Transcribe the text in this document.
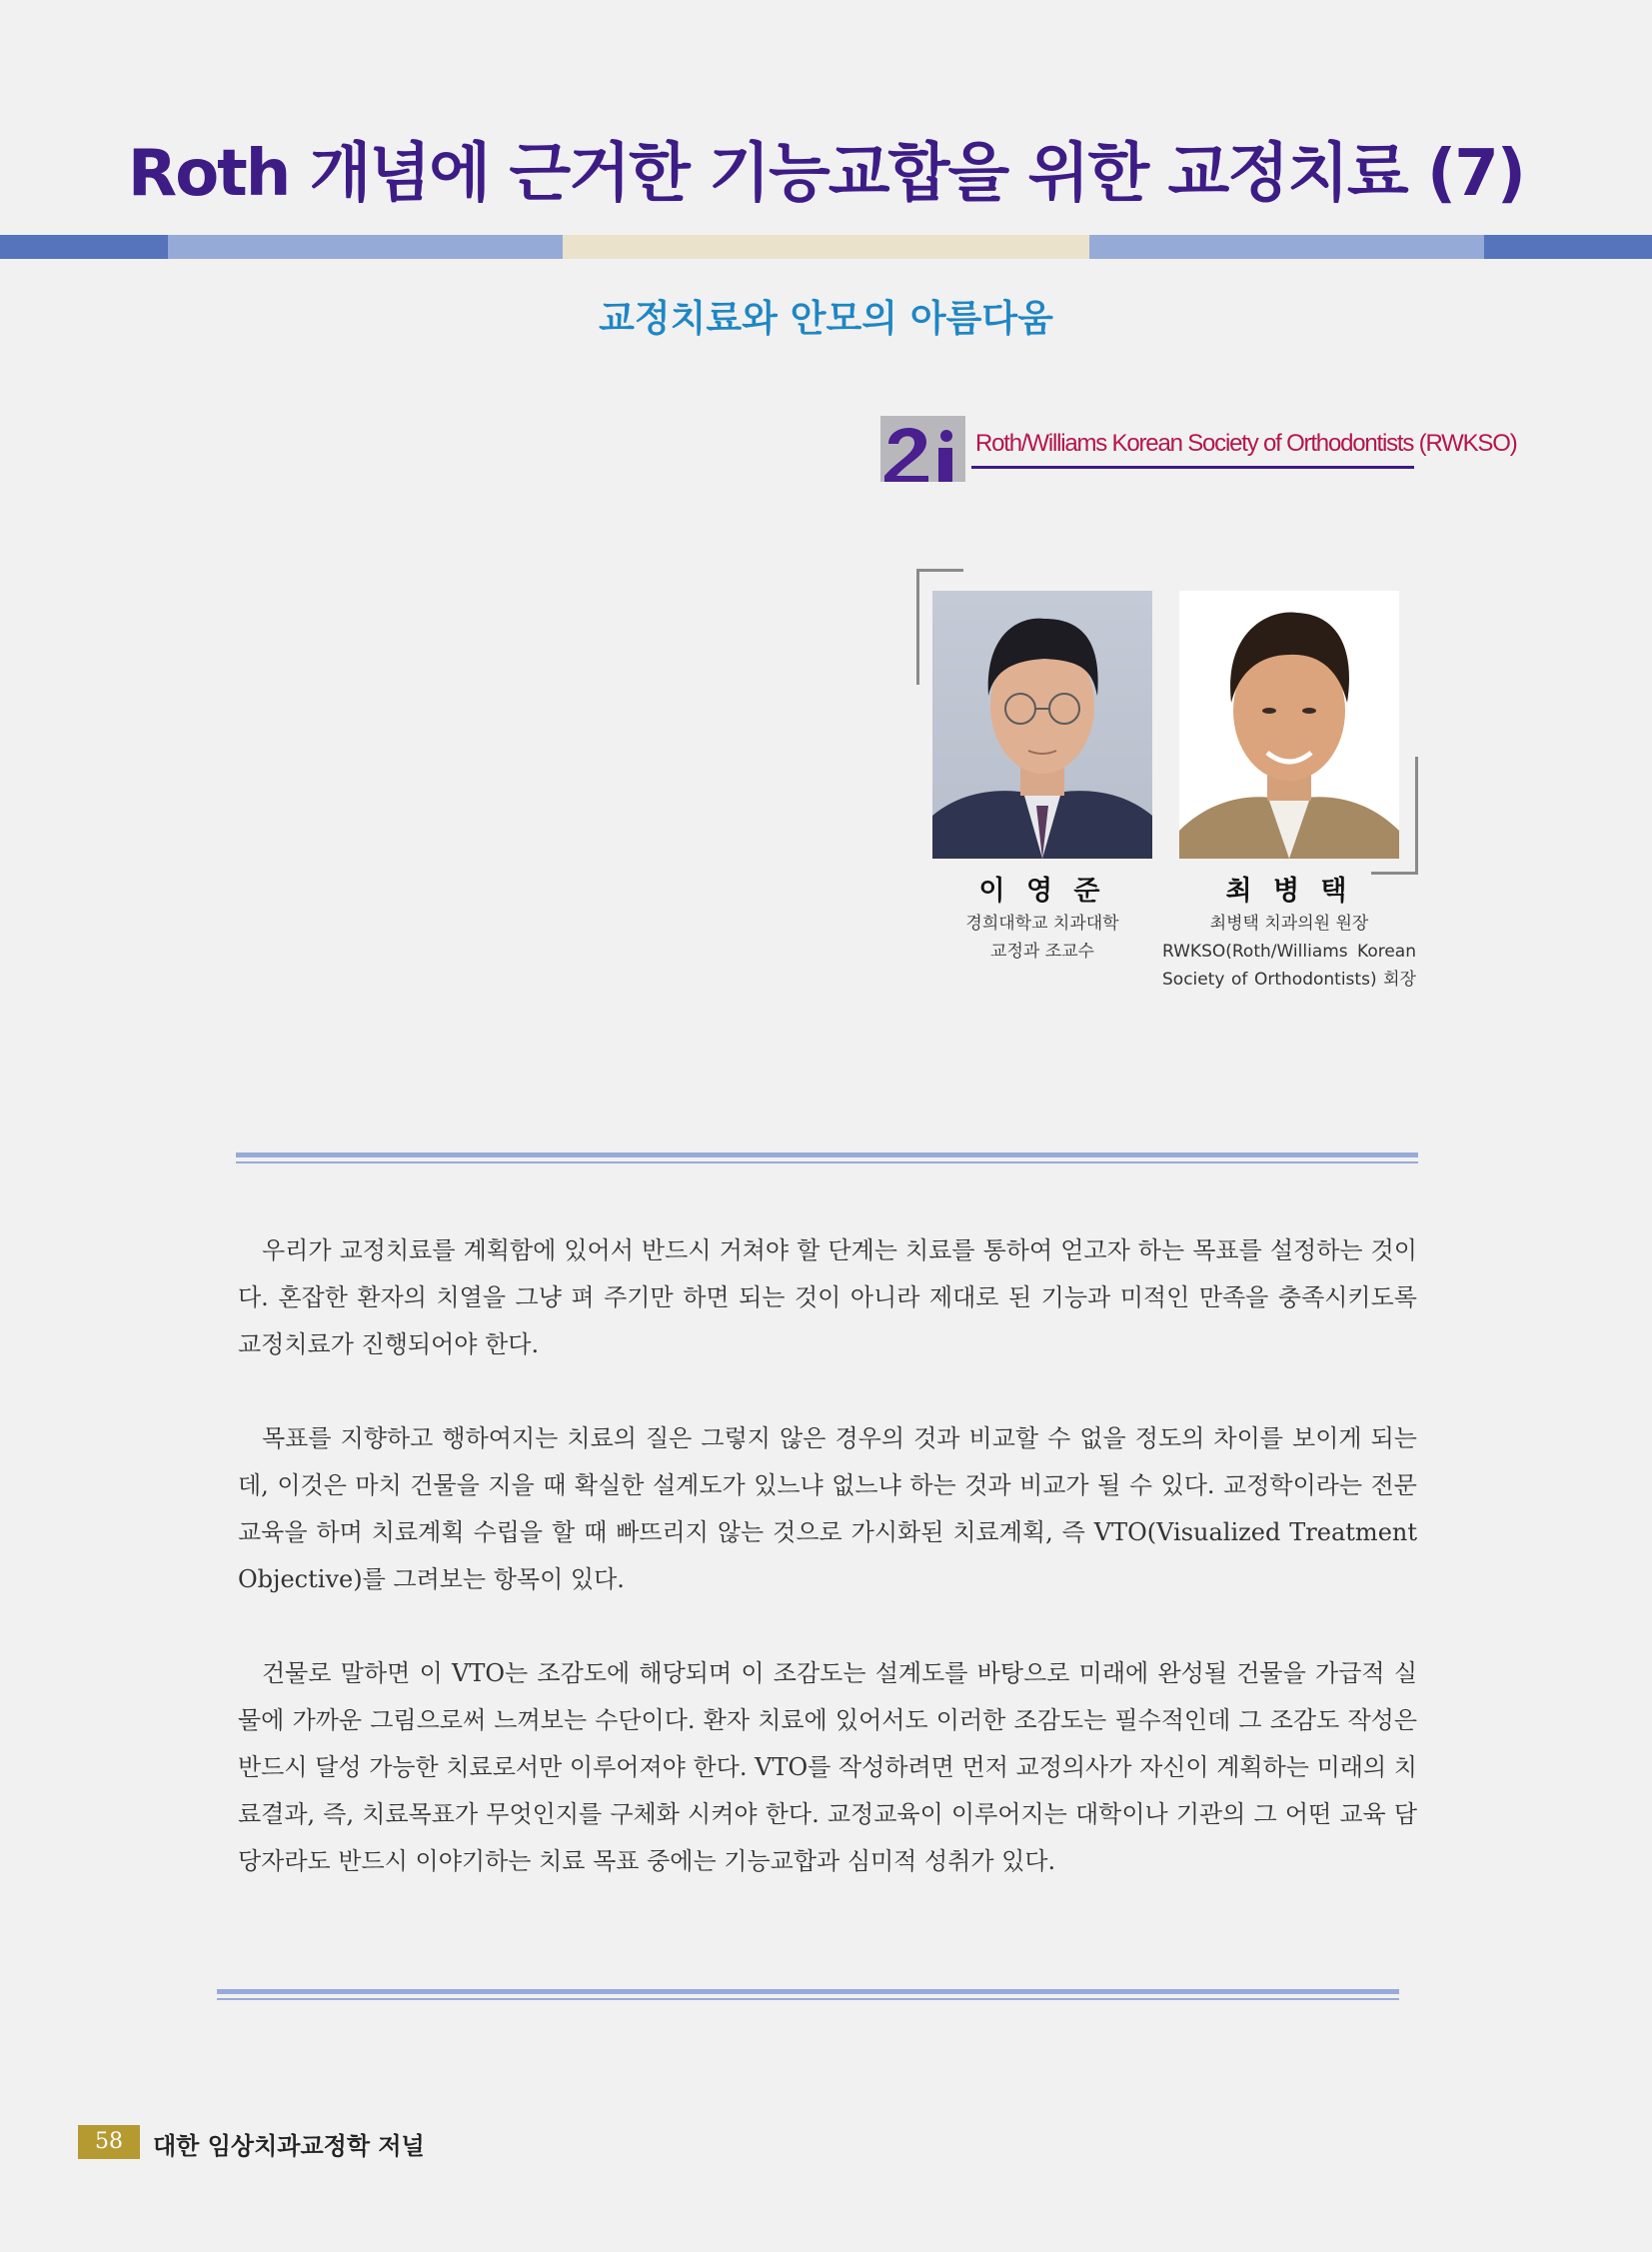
Roth 개념에 근거한 기능교합을 위한 교정치료 (7)
교정치료와 안모의 아름다움
Roth/Williams Korean Society of Orthodontists (RWKSO)
이 영 준	최 병 택
경희대학교 치과대학
교정과 조교수
최병택 치과의원 원장
RWKSO(Roth/Williams Korean
Society of Orthodontists) 회장

우리가 교정치료를 계획함에 있어서 반드시 거쳐야 할 단계는 치료를 통하여 얻고자 하는 목표를 설정하는 것이다. 혼잡한 환자의 치열을 그냥 펴 주기만 하면 되는 것이 아니라 제대로 된 기능과 미적인 만족을 충족시키도록 교정치료가 진행되어야 한다.

목표를 지향하고 행하여지는 치료의 질은 그렇지 않은 경우의 것과 비교할 수 없을 정도의 차이를 보이게 되는데, 이것은 마치 건물을 지을 때 확실한 설계도가 있느냐 없느냐 하는 것과 비교가 될 수 있다. 교정학이라는 전문교육을 하며 치료계획 수립을 할 때 빠뜨리지 않는 것으로 가시화된 치료계획, 즉 VTO(Visualized Treatment Objective)를 그려보는 항목이 있다.

건물로 말하면 이 VTO는 조감도에 해당되며 이 조감도는 설계도를 바탕으로 미래에 완성될 건물을 가급적 실물에 가까운 그림으로써 느껴보는 수단이다. 환자 치료에 있어서도 이러한 조감도는 필수적인데 그 조감도 작성은 반드시 달성 가능한 치료로서만 이루어져야 한다. VTO를 작성하려면 먼저 교정의사가 자신이 계획하는 미래의 치료결과, 즉, 치료목표가 무엇인지를 구체화 시켜야 한다. 교정교육이 이루어지는 대학이나 기관의 그 어떤 교육 담당자라도 반드시 이야기하는 치료 목표 중에는 기능교합과 심미적 성취가 있다.

58	대한 임상치과교정학 저널
